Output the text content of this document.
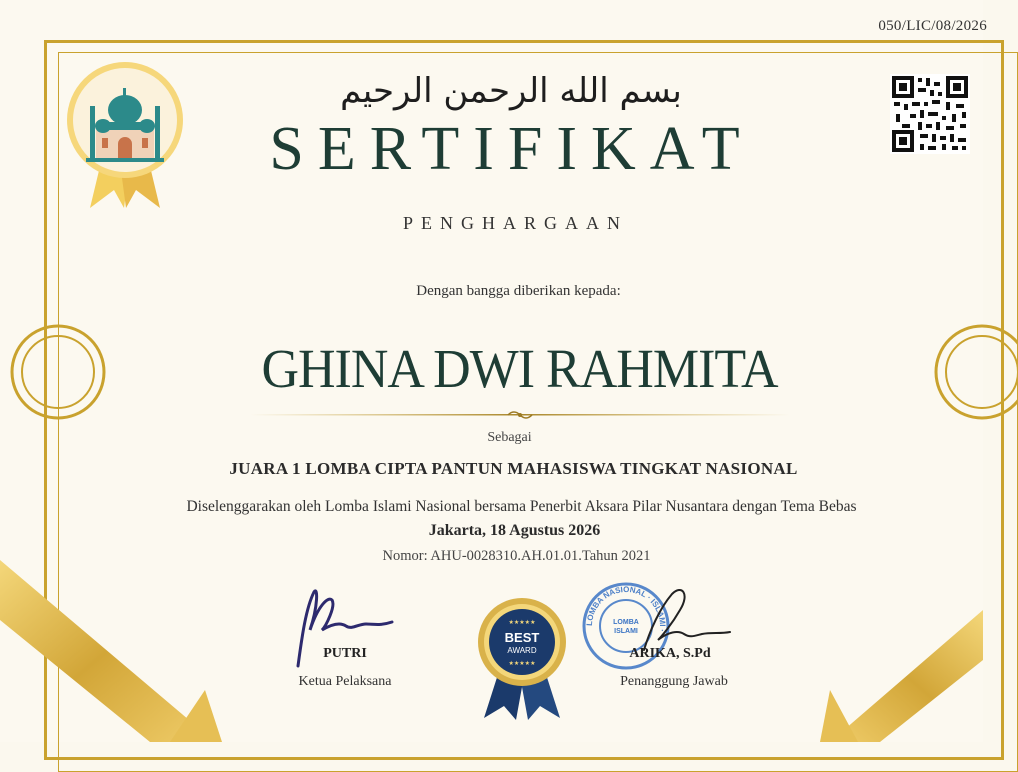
050/LIC/08/2026
بسم الله الرحمن الرحيم
SERTIFIKAT
PENGHARGAAN
Dengan bangga diberikan kepada:
GHINA DWI RAHMITA
Sebagai
JUARA 1 LOMBA CIPTA PANTUN MAHASISWA TINGKAT NASIONAL
Diselenggarakan oleh Lomba Islami Nasional bersama Penerbit Aksara Pilar Nusantara dengan Tema Bebas
Jakarta, 18 Agustus 2026
Nomor: AHU-0028310.AH.01.01.Tahun 2021
PUTRI
Ketua Pelaksana
★★★★★
BEST
AWARD
★★★★★
LOMBA NASIONAL · ISLAMI ·
LOMBA
ISLAMI
ARIKA, S.Pd
Penanggung Jawab
